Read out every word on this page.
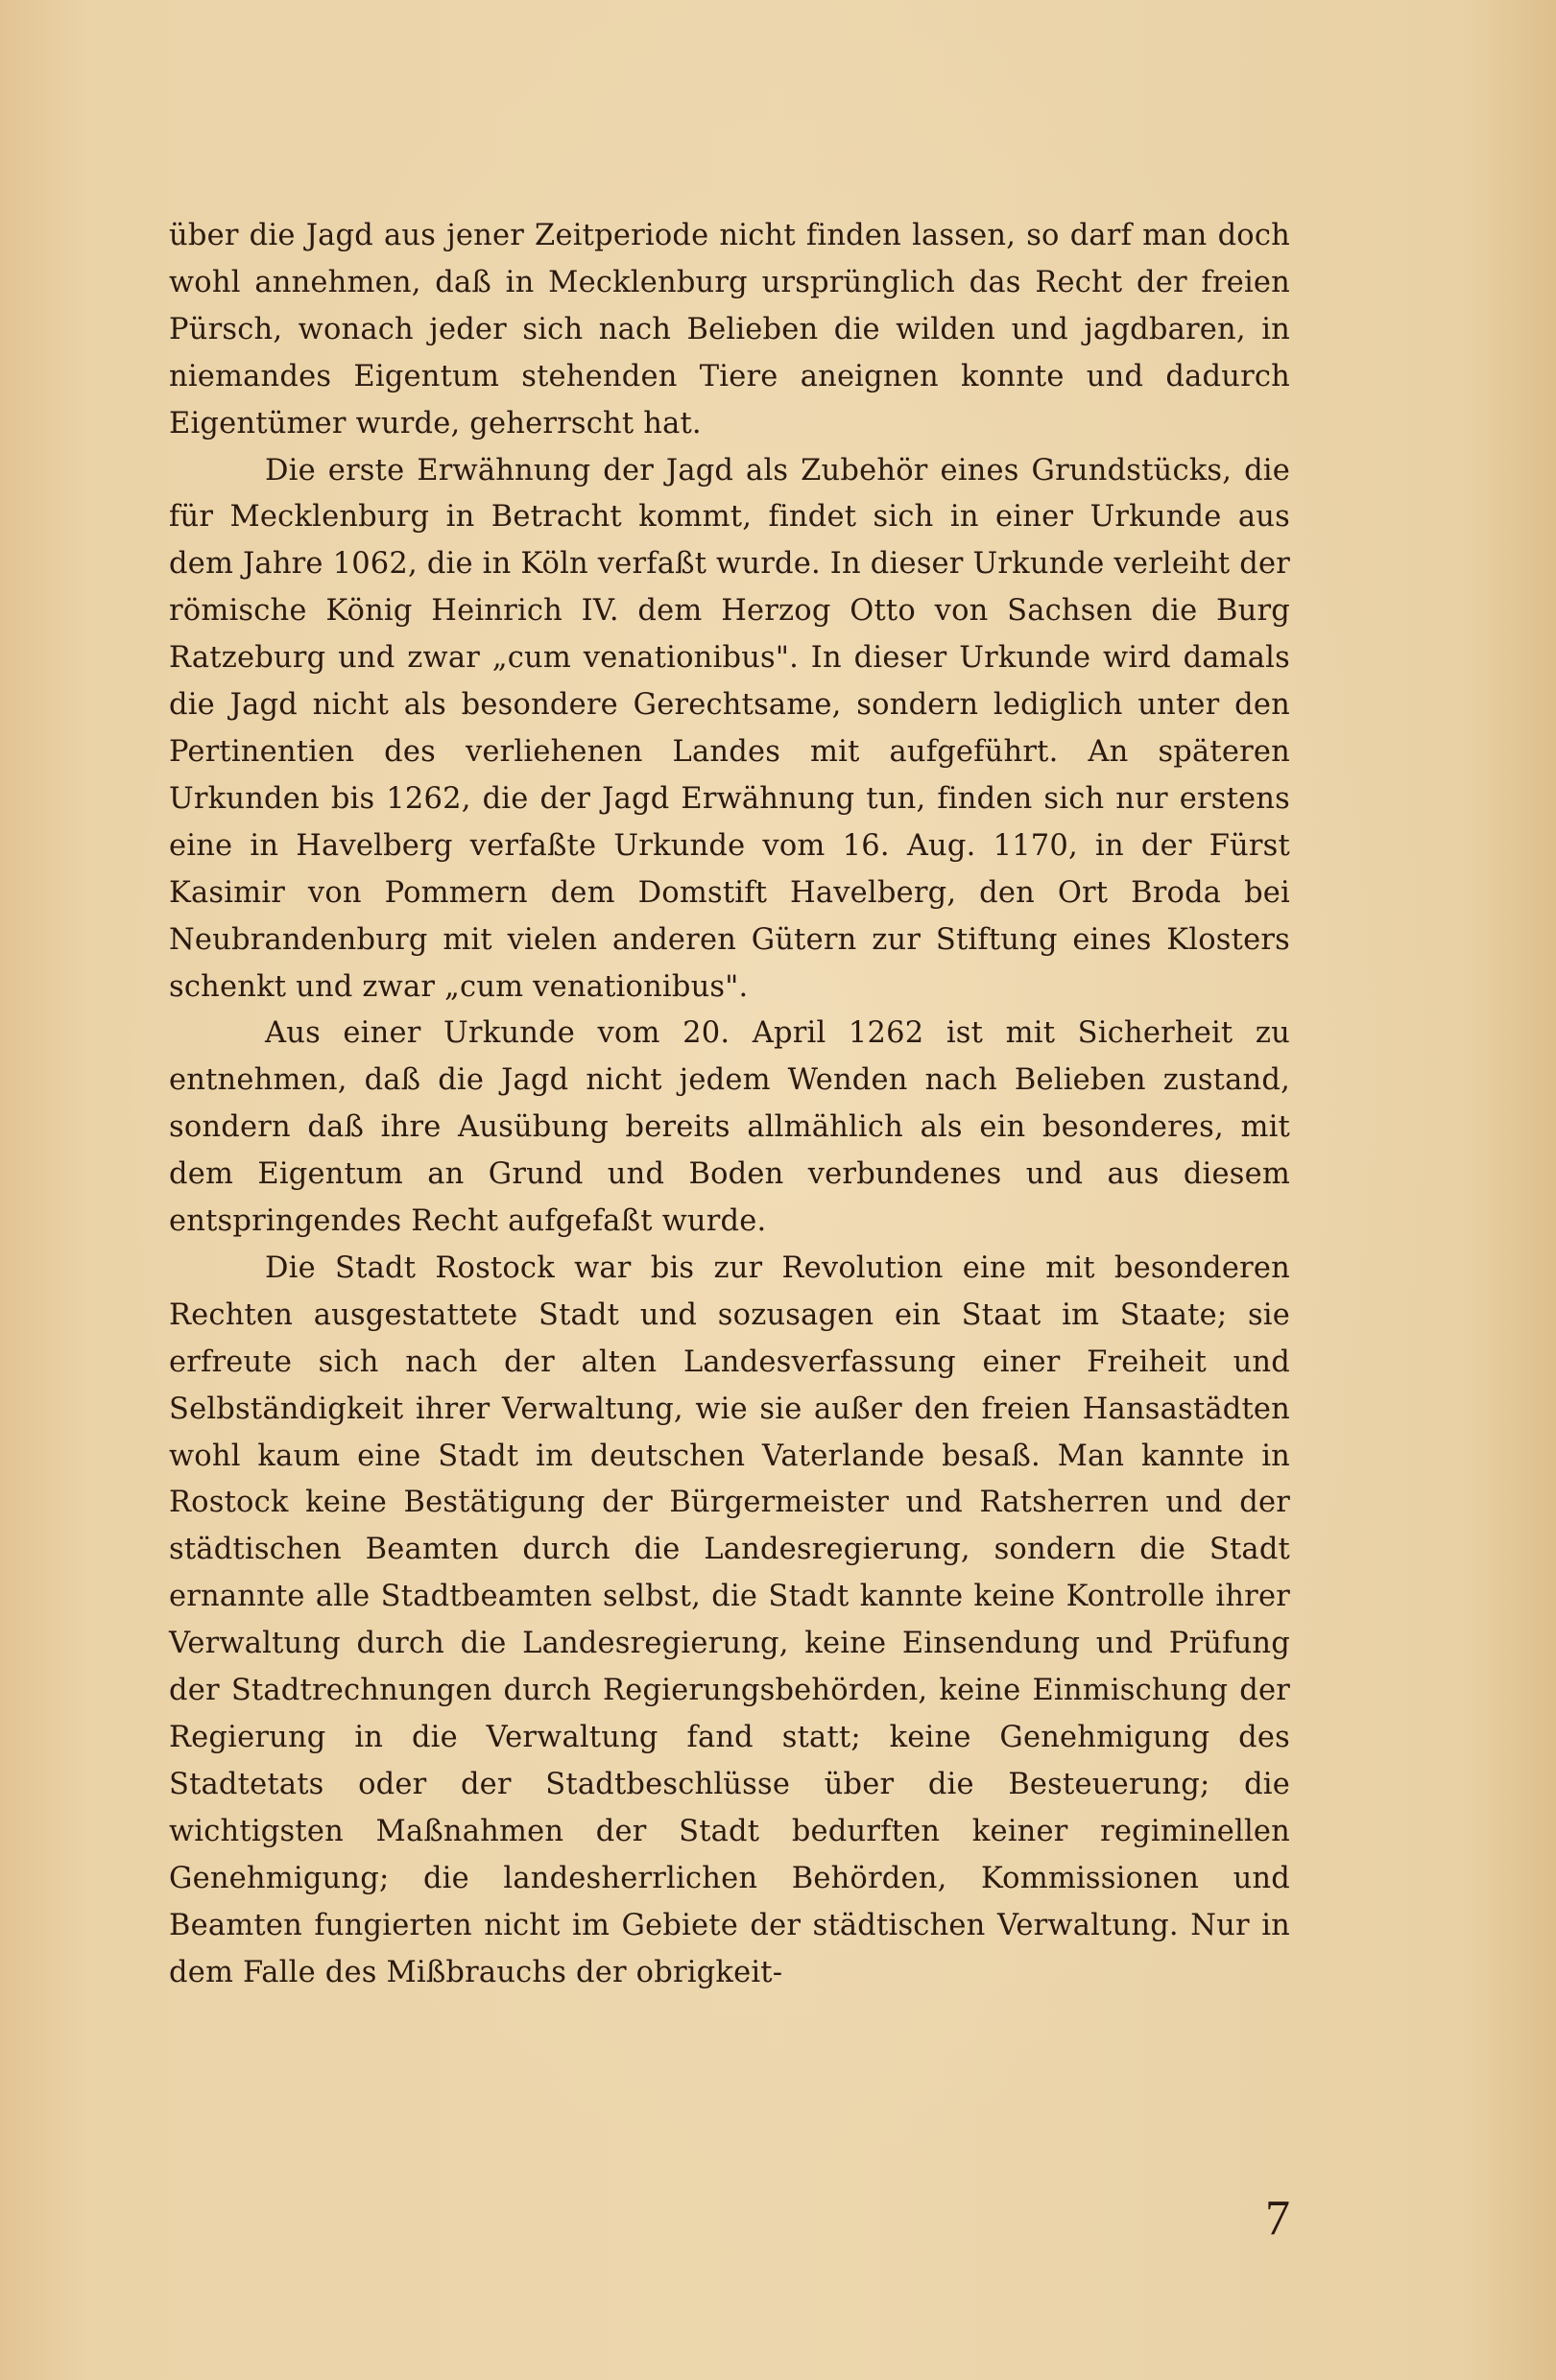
über die Jagd aus jener Zeitperiode nicht finden lassen, so darf man doch wohl annehmen, daß in Mecklenburg ursprünglich das Recht der freien Pürsch, wonach jeder sich nach Belieben die wilden und jagdbaren, in niemandes Eigentum stehenden Tiere aneignen konnte und dadurch Eigentümer wurde, geherrscht hat.

Die erste Erwähnung der Jagd als Zubehör eines Grundstücks, die für Mecklenburg in Betracht kommt, findet sich in einer Urkunde aus dem Jahre 1062, die in Köln verfaßt wurde. In dieser Urkunde verleiht der römische König Heinrich IV. dem Herzog Otto von Sachsen die Burg Ratzeburg und zwar „cum venationibus". In dieser Urkunde wird damals die Jagd nicht als besondere Gerechtsame, sondern lediglich unter den Pertinentien des verliehenen Landes mit aufgeführt. An späteren Urkunden bis 1262, die der Jagd Erwähnung tun, finden sich nur erstens eine in Havelberg verfaßte Urkunde vom 16. Aug. 1170, in der Fürst Kasimir von Pommern dem Domstift Havelberg, den Ort Broda bei Neubrandenburg mit vielen anderen Gütern zur Stiftung eines Klosters schenkt und zwar „cum venationibus".

Aus einer Urkunde vom 20. April 1262 ist mit Sicherheit zu entnehmen, daß die Jagd nicht jedem Wenden nach Belieben zustand, sondern daß ihre Ausübung bereits allmählich als ein besonderes, mit dem Eigentum an Grund und Boden verbundenes und aus diesem entspringendes Recht aufgefaßt wurde.

Die Stadt Rostock war bis zur Revolution eine mit besonderen Rechten ausgestattete Stadt und sozusagen ein Staat im Staate; sie erfreute sich nach der alten Landesverfassung einer Freiheit und Selbständigkeit ihrer Verwaltung, wie sie außer den freien Hansastädten wohl kaum eine Stadt im deutschen Vaterlande besaß. Man kannte in Rostock keine Bestätigung der Bürgermeister und Ratsherren und der städtischen Beamten durch die Landesregierung, sondern die Stadt ernannte alle Stadtbeamten selbst, die Stadt kannte keine Kontrolle ihrer Verwaltung durch die Landesregierung, keine Einsendung und Prüfung der Stadtrechnungen durch Regierungsbehörden, keine Einmischung der Regierung in die Verwaltung fand statt; keine Genehmigung des Stadtetats oder der Stadtbeschlüsse über die Besteuerung; die wichtigsten Maßnahmen der Stadt bedurften keiner regiminellen Genehmigung; die landesherrlichen Behörden, Kommissionen und Beamten fungierten nicht im Gebiete der städtischen Verwaltung. Nur in dem Falle des Mißbrauchs der obrigkeit-

7
